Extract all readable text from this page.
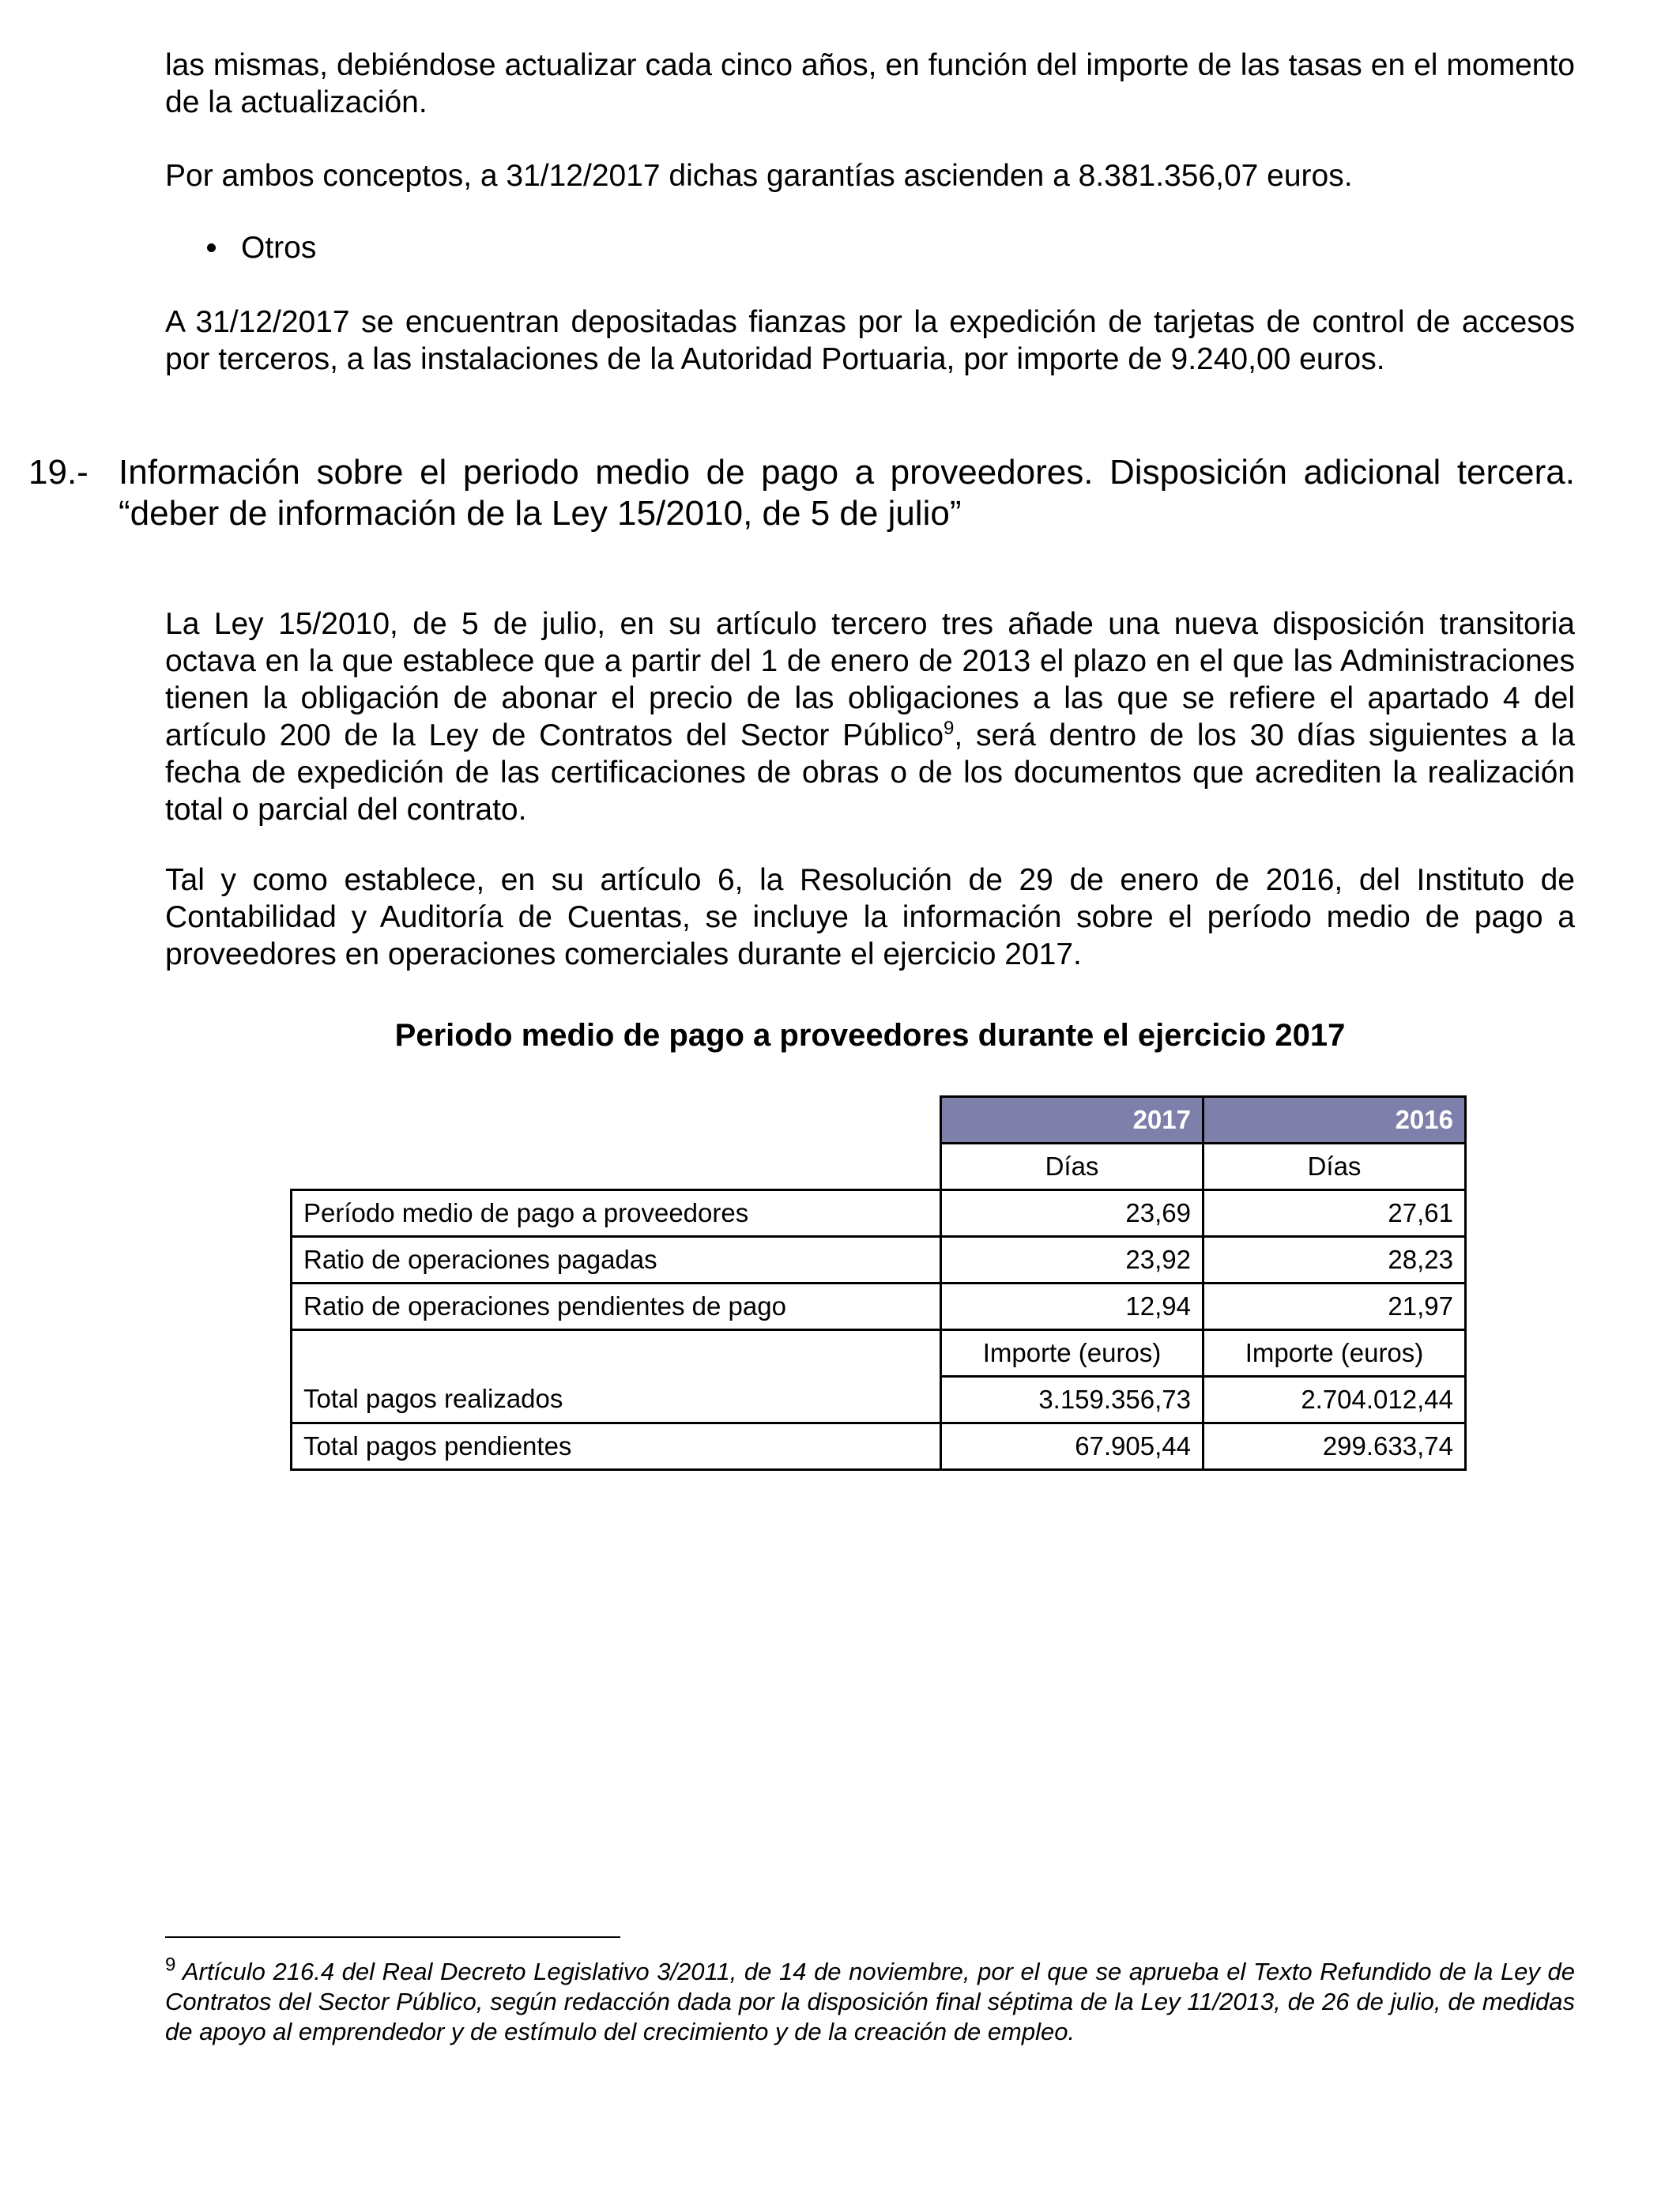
las mismas, debiéndose actualizar cada cinco años, en función del importe de las tasas en el momento de la actualización.

Por ambos conceptos, a 31/12/2017 dichas garantías ascienden a 8.381.356,07 euros.

Otros

A 31/12/2017 se encuentran depositadas fianzas por la expedición de tarjetas de control de accesos por terceros, a las instalaciones de la Autoridad Portuaria, por importe de 9.240,00 euros.

19.- Información sobre el periodo medio de pago a proveedores. Disposición adicional tercera. “deber de información de la Ley 15/2010, de 5 de julio”

La Ley 15/2010, de 5 de julio, en su artículo tercero tres añade una nueva disposición transitoria octava en la que establece que a partir del 1 de enero de 2013 el plazo en el que las Administraciones tienen la obligación de abonar el precio de las obligaciones a las que se refiere el apartado 4 del artículo 200 de la Ley de Contratos del Sector Público$^9$, será dentro de los 30 días siguientes a la fecha de expedición de las certificaciones de obras o de los documentos que acrediten la realización total o parcial del contrato.

Tal y como establece, en su artículo 6, la Resolución de 29 de enero de 2016, del Instituto de Contabilidad y Auditoría de Cuentas, se incluye la información sobre el período medio de pago a proveedores en operaciones comerciales durante el ejercicio 2017.

Periodo medio de pago a proveedores durante el ejercicio 2017
	2017	2016
	Días	Días
Período medio de pago a proveedores	23,69	27,61
Ratio de operaciones pagadas	23,92	28,23
Ratio de operaciones pendientes de pago	12,94	21,97
	Importe (euros)	Importe (euros)
Total pagos realizados	3.159.356,73	2.704.012,44
Total pagos pendientes	67.905,44	299.633,74

$^9$ Artículo 216.4 del Real Decreto Legislativo 3/2011, de 14 de noviembre, por el que se aprueba el Texto Refundido de la Ley de Contratos del Sector Público, según redacción dada por la disposición final séptima de la Ley 11/2013, de 26 de julio, de medidas de apoyo al emprendedor y de estímulo del crecimiento y de la creación de empleo.
